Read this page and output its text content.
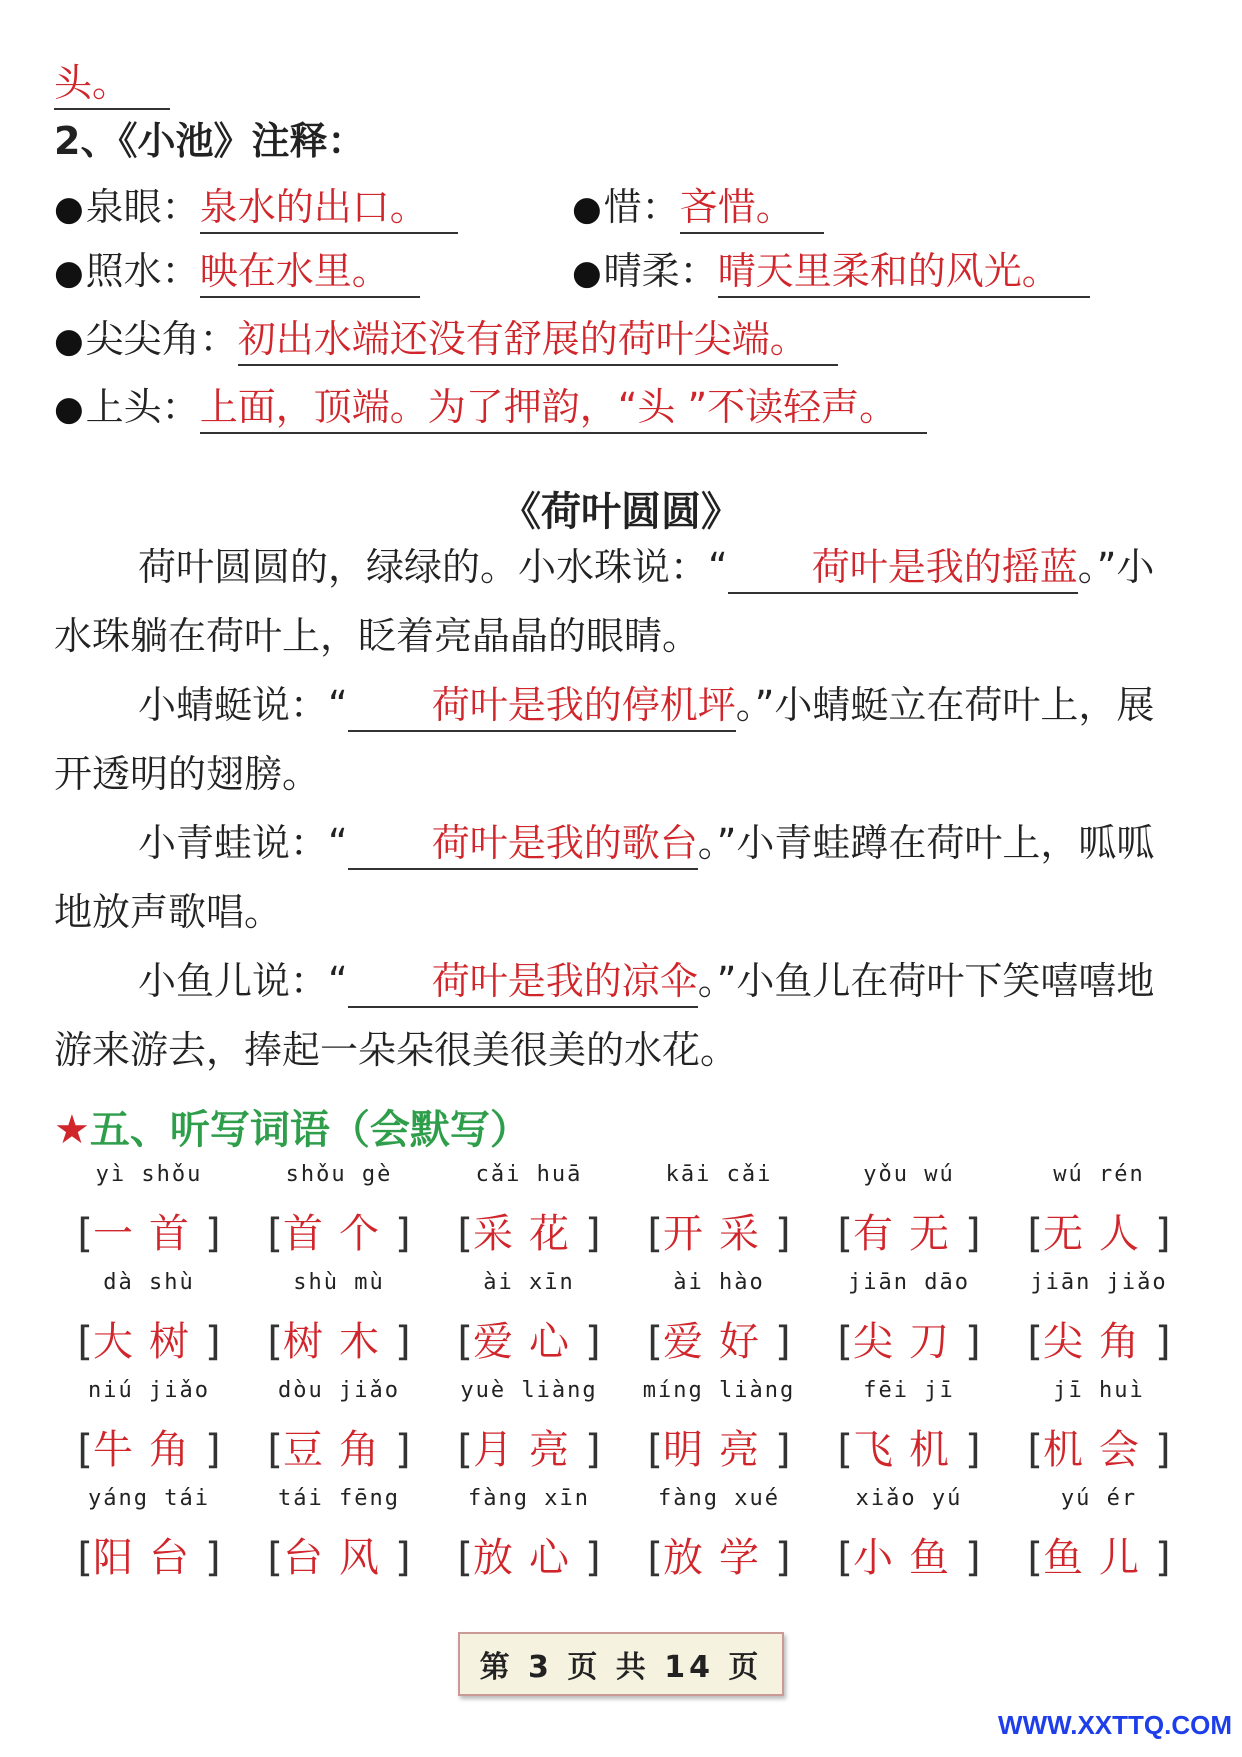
头。
2、《小池》注释：
●泉眼：泉水的出口。	●惜：吝惜。
●照水：映在水里。	●晴柔：晴天里柔和的风光。
●尖尖角：初出水端还没有舒展的荷叶尖端。
●上头：上面，顶端。为了押韵，“头 ”不读轻声。
《荷叶圆圆》

荷叶圆圆的，绿绿的。小水珠说：“ 荷叶是我的摇蓝。”小水珠躺在荷叶上，眨着亮晶晶的眼睛。

小蜻蜓说：“ 荷叶是我的停机坪。”小蜻蜓立在荷叶上，展开透明的翅膀。

小青蛙说：“ 荷叶是我的歌台。”小青蛙蹲在荷叶上，呱呱地放声歌唱。

小鱼儿说：“ 荷叶是我的凉伞。”小鱼儿在荷叶下笑嘻嘻地游来游去，捧起一朵朵很美很美的水花。

★五、听写词语（会默写）
yì shǒu
[一首]
shǒu gè
[首个]
cǎi huā
[采花]
kāi cǎi
[开采]
yǒu wú
[有无]
wú rén
[无人]
dà shù
[大树]
shù mù
[树木]
ài xīn
[爱心]
ài hào
[爱好]
jiān dāo
[尖刀]
jiān jiǎo
[尖角]
niú jiǎo
[牛角]
dòu jiǎo
[豆角]
yuè liàng
[月亮]
míng liàng
[明亮]
fēi jī
[飞机]
jī huì
[机会]
yáng tái
[阳台]
tái fēng
[台风]
fàng xīn
[放心]
fàng xué
[放学]
xiǎo yú
[小鱼]
yú ér
[鱼儿]
第 3 页 共 14 页
WWW.XXTTQ.COM
